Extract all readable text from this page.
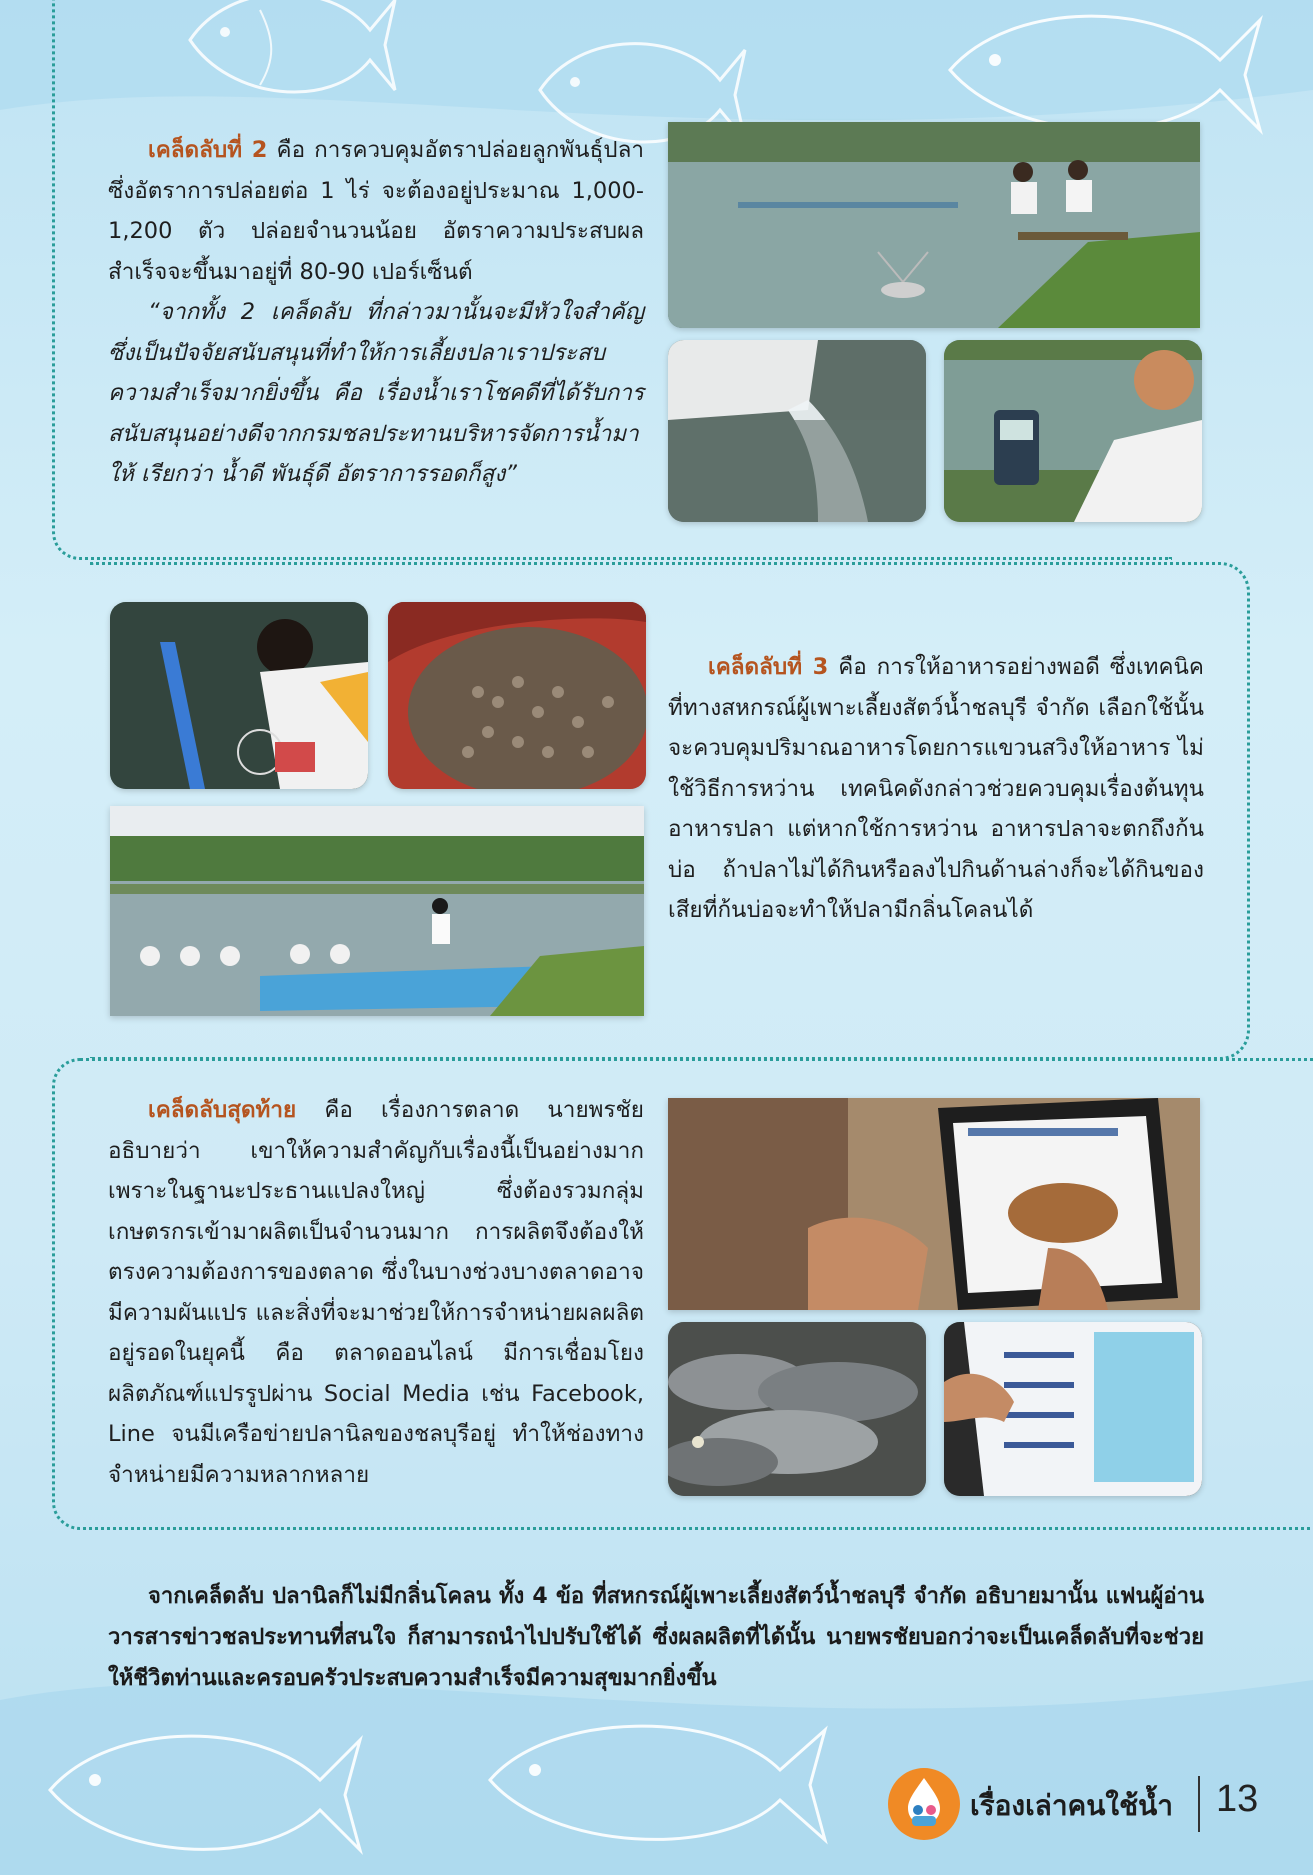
เคล็ดลับที่ 2 คือ การควบคุมอัตราปล่อยลูกพันธุ์ปลา ซึ่งอัตราการปล่อยต่อ 1 ไร่ จะต้องอยู่ประมาณ 1,000-1,200 ตัว ปล่อยจำนวนน้อย อัตราความประสบผลสำเร็จจะขึ้นมาอยู่ที่ 80-90 เปอร์เซ็นต์

“จากทั้ง 2 เคล็ดลับ ที่กล่าวมานั้นจะมีหัวใจสำคัญซึ่งเป็นปัจจัยสนับสนุนที่ทำให้การเลี้ยงปลาเราประสบความสำเร็จมากยิ่งขึ้น คือ เรื่องน้ำเราโชคดีที่ได้รับการสนับสนุนอย่างดีจากกรมชลประทานบริหารจัดการน้ำมาให้ เรียกว่า น้ำดี พันธุ์ดี อัตราการรอดก็สูง”

เคล็ดลับที่ 3 คือ การให้อาหารอย่างพอดี ซึ่งเทคนิคที่ทางสหกรณ์ผู้เพาะเลี้ยงสัตว์น้ำชลบุรี จำกัด เลือกใช้นั้นจะควบคุมปริมาณอาหารโดยการแขวนสวิงให้อาหาร ไม่ใช้วิธีการหว่าน เทคนิคดังกล่าวช่วยควบคุมเรื่องต้นทุนอาหารปลา แต่หากใช้การหว่าน อาหารปลาจะตกถึงก้นบ่อ ถ้าปลาไม่ได้กินหรือลงไปกินด้านล่างก็จะได้กินของเสียที่ก้นบ่อจะทำให้ปลามีกลิ่นโคลนได้

เคล็ดลับสุดท้าย คือ เรื่องการตลาด นายพรชัยอธิบายว่า เขาให้ความสำคัญกับเรื่องนี้เป็นอย่างมาก เพราะในฐานะประธานแปลงใหญ่ ซึ่งต้องรวมกลุ่มเกษตรกรเข้ามาผลิตเป็นจำนวนมาก การผลิตจึงต้องให้ตรงความต้องการของตลาด ซึ่งในบางช่วงบางตลาดอาจมีความผันแปร และสิ่งที่จะมาช่วยให้การจำหน่ายผลผลิตอยู่รอดในยุคนี้ คือ ตลาดออนไลน์ มีการเชื่อมโยงผลิตภัณฑ์แปรรูปผ่าน Social Media เช่น Facebook, Line จนมีเครือข่ายปลานิลของชลบุรีอยู่ ทำให้ช่องทางจำหน่ายมีความหลากหลาย

จากเคล็ดลับ ปลานิลก็ไม่มีกลิ่นโคลน ทั้ง 4 ข้อ ที่สหกรณ์ผู้เพาะเลี้ยงสัตว์น้ำชลบุรี จำกัด อธิบายมานั้น แฟนผู้อ่านวารสารข่าวชลประทานที่สนใจ ก็สามารถนำไปปรับใช้ได้ ซึ่งผลผลิตที่ได้นั้น นายพรชัยบอกว่าจะเป็นเคล็ดลับที่จะช่วยให้ชีวิตท่านและครอบครัวประสบความสำเร็จมีความสุขมากยิ่งขึ้น

เรื่องเล่าคนใช้น้ำ 13
